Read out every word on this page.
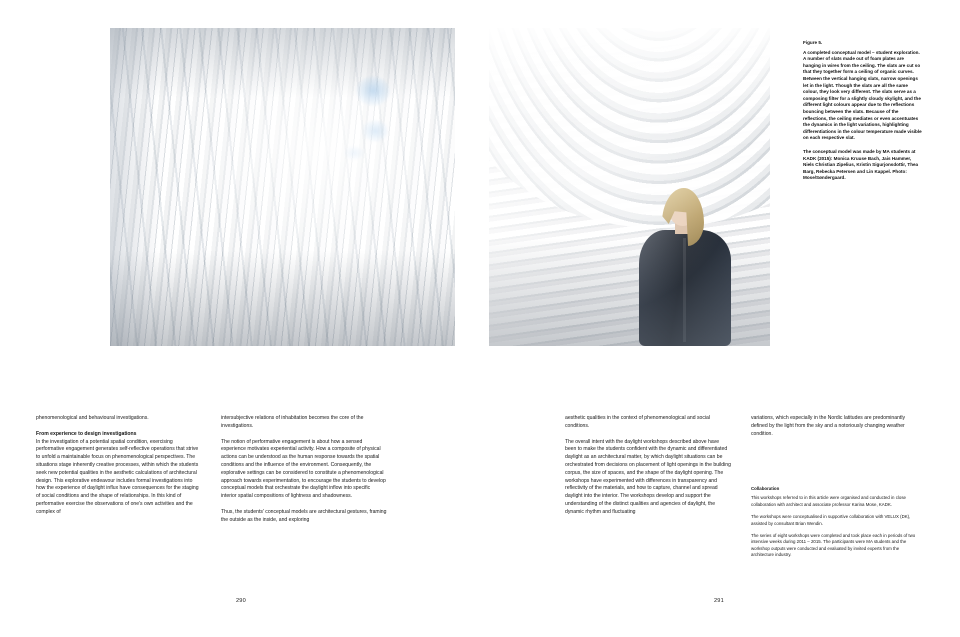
Figure 5.

A completed conceptual model – student exploration. A number of slats made out of foam plates are hanging in wires from the ceiling. The slats are cut so that they together form a ceiling of organic curves. Between the vertical hanging slats, narrow openings let in the light. Though the slats are all the same colour, they look very different. The slats serve as a composing filter for a slightly cloudy skylight, and the different light colours appear due to the reflections bouncing between the slats. Because of the reflections, the ceiling mediates or even accentuates the dynamics in the light variations, highlighting differentiations in the colour temperature made visible on each respective slat.

The conceptual model was made by MA students at KADK (2015): Monica Kruuse Bach, Jais Hammer, Niels Christian Zipelius, Kristin Sigurjonsdottir, Thea Barg, Rebecka Petersen and Lin Kappel. Photo: Mose/Søndergaard.

phenomenological and behavioural investigations.

From experience to design investigations

In the investigation of a potential spatial condition, exercising performative engagement generates self-reflective operations that strive to unfold a maintainable focus on phenomenological perspectives. The situations stage inherently creative processes, within which the students seek new potential qualities in the aesthetic calculations of architectural design. This explorative endeavour includes formal investigations into how the experience of daylight influx have consequences for the staging of social conditions and the shape of relationships. In this kind of performative exercise the observations of one's own activities and the complex of

intersubjective relations of inhabitation becomes the core of the investigations.

The notion of performative engagement is about how a sensed experience motivates experiential activity. How a composite of physical actions can be understood as the human response towards the spatial conditions and the influence of the environment. Consequently, the explorative settings can be considered to constitute a phenomenological approach towards experimentation, to encourage the students to develop conceptual models that orchestrate the daylight inflow into specific interior spatial compositions of lightness and shadowness.

Thus, the students' conceptual models are architectural gestures, framing the outside as the inside, and exploring

aesthetic qualities in the context of phenomenological and social conditions.

The overall intent with the daylight workshops described above have been to make the students confident with the dynamic and differentiated daylight as an architectural matter, by which daylight situations can be orchestrated from decisions on placement of light openings in the building corpus, the size of spaces, and the shape of the daylight opening. The workshops have experimented with differences in transparency and reflectivity of the materials, and how to capture, channel and spread daylight into the interior. The workshops develop and support the understanding of the distinct qualities and agencies of daylight, the dynamic rhythm and fluctuating

variations, which especially in the Nordic latitudes are predominantly defined by the light from the sky and a notoriously changing weather condition.

Collaboration

This workshops referred to in this article were organised and conducted in close collaboration with architect and associate professor Karina Mose, KADK.

The workshops were conceptualised in supportive collaboration with VELUX (DK), assisted by consultant Brian Wendin.

The series of eight workshops were completed and took place each in periods of two intensive weeks during 2011 – 2015. The participants were MA students and the workshop outputs were conducted and evaluated by invited experts from the architecture industry.

290	291
